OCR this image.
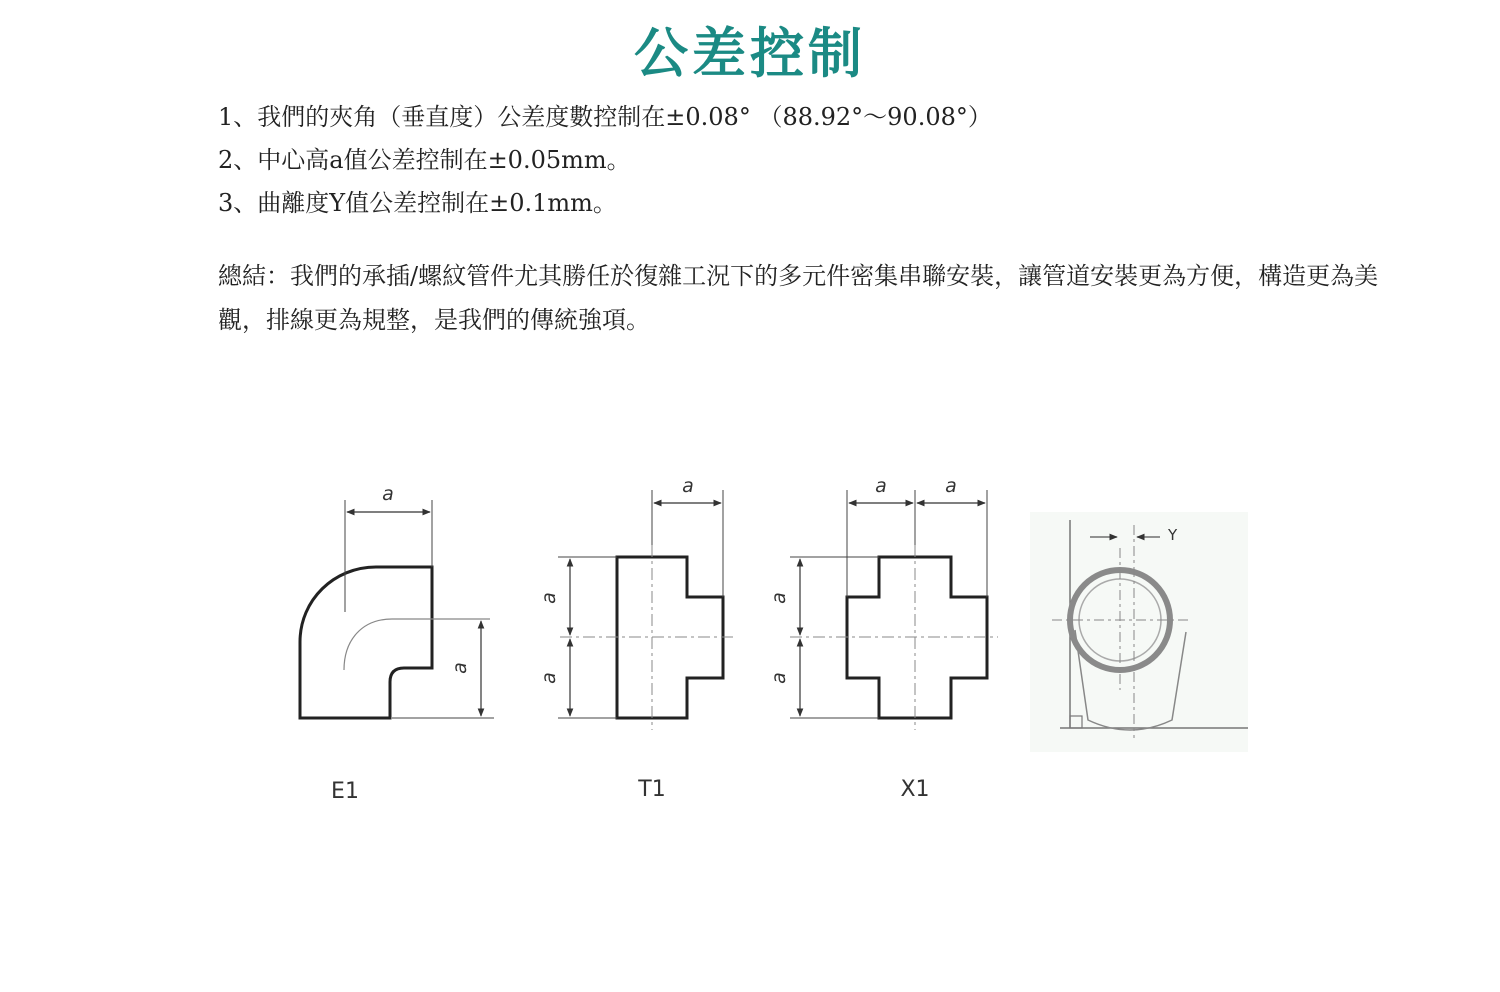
公差控制
1、我們的夾角（垂直度）公差度數控制在±0.08° （88.92°～90.08°）
2、中心高a值公差控制在±0.05mm。
3、曲離度Y值公差控制在±0.1mm。

總結：我們的承插/螺紋管件尤其勝任於復雜工況下的多元件密集串聯安裝，讓管道安裝更為方便，構造更為美觀，排線更為規整，是我們的傳統強項。

a
a
E1
a
a
a
T1
a	a
a
a
X1
Y
